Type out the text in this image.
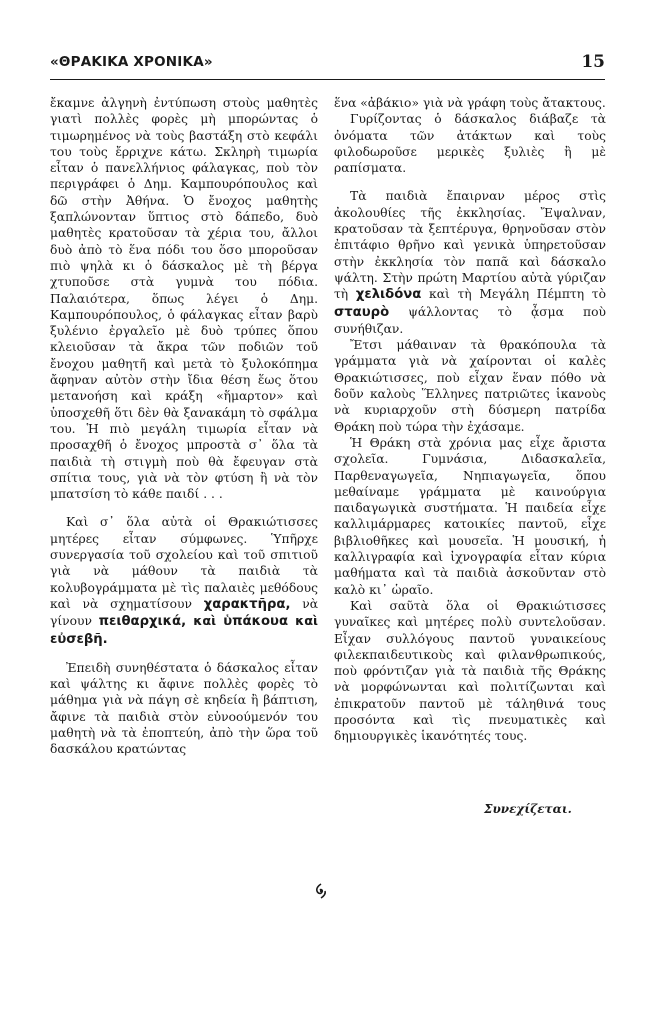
«ΘΡΑΚΙΚΑ ΧΡΟΝΙΚΑ»	15

ἔκαμνε ἀλγηνὴ ἐντύπωση στοὺς μαθητὲς γιατὶ πολλὲς φορὲς μὴ μπορώντας ὁ τιμωρημένος νὰ τοὺς βαστάξη στὸ κεφάλι του τοὺς ἔρριχνε κάτω. Σκληρὴ τιμωρία εἶταν ὁ πανελλήνιος φάλαγκας, ποὺ τὸν περιγράφει ὁ Δημ. Καμπουρόπουλος καὶ δῶ στὴν Ἀθήνα. Ὁ ἔνοχος μαθητὴς ξαπλώνονταν ὕπτιος στὸ δάπεδο, δυὸ μαθητὲς κρατοῦσαν τὰ χέρια του, ἄλλοι δυὸ ἀπὸ τὸ ἕνα πόδι του ὅσο μποροῦσαν πιὸ ψηλὰ κι ὁ δάσκαλος μὲ τὴ βέργα χτυποῦσε στὰ γυμνὰ του πόδια. Παλαιότερα, ὅπως λέγει ὁ Δημ. Καμπουρόπουλος, ὁ φάλαγκας εἶταν βαρὺ ξυλένιο ἐργαλεῖο μὲ δυὸ τρύπες ὅπου κλειοῦσαν τὰ ἄκρα τῶν ποδιῶν τοῦ ἔνοχου μαθητῆ καὶ μετὰ τὸ ξυλοκόπημα ἄφηναν αὐτὸν στὴν ἴδια θέση ἕως ὅτου μετανοήση καὶ κράξη «ἥμαρτον» καὶ ὑποσχεθῆ ὅτι δὲν θὰ ξανακάμη τὸ σφάλμα του. Ἡ πιὸ μεγάλη τιμωρία εἶταν νὰ προσαχθῆ ὁ ἔνοχος μπροστὰ σ᾽ ὅλα τὰ παιδιὰ τὴ στιγμὴ ποὺ θὰ ἔφευγαν στὰ σπίτια τους, γιὰ νὰ τὸν φτύση ἢ νὰ τὸν μπατσίση τὸ κάθε παιδί . . .

Καὶ σ᾽ ὅλα αὐτὰ οἱ Θρακιώτισσες μητέρες εἶταν σύμφωνες. Ὑπῆρχε συνεργασία τοῦ σχολείου καὶ τοῦ σπιτιοῦ γιὰ νὰ μάθουν τὰ παιδιὰ τὰ κολυβογράμματα μὲ τὶς παλαιὲς μεθόδους καὶ νὰ σχηματίσουν χαρακτῆρα, νὰ γίνουν πειθαρχικά, καὶ ὑπάκουα καὶ εὐσεβῆ.

Ἐπειδὴ συνηθέστατα ὁ δάσκαλος εἶταν καὶ ψάλτης κι ἄφινε πολλὲς φορὲς τὸ μάθημα γιὰ νὰ πάγη σὲ κηδεία ἢ βάπτιση, ἄφινε τὰ παιδιὰ στὸν εὐνοούμενόν του μαθητὴ νὰ τὰ ἐποπτεύη, ἀπὸ τὴν ὥρα τοῦ δασκάλου κρατώντας

ἕνα «ἀβάκιο» γιὰ νὰ γράφη τοὺς ἄτακτους.

Γυρίζοντας ὁ δάσκαλος διάβαζε τὰ ὀνόματα τῶν ἀτάκτων καὶ τοὺς φιλοδωροῦσε μερικὲς ξυλιὲς ἢ μὲ ραπίσματα.

Τὰ παιδιὰ ἔπαιρναν μέρος στὶς ἀκολουθίες τῆς ἐκκλησίας. Ἔψαλναν, κρατοῦσαν τὰ ξεπτέρυγα, θρηνοῦσαν στὸν ἐπιτάφιο θρῆνο καὶ γενικὰ ὑπηρετοῦσαν στὴν ἐκκλησία τὸν παπᾶ καὶ δάσκαλο ψάλτη. Στὴν πρώτη Μαρτίου αὐτὰ γύριζαν τὴ χελιδόνα καὶ τὴ Μεγάλη Πέμπτη τὸ σταυρὸ ψάλλοντας τὸ ᾆσμα ποὺ συνήθιζαν.

Ἔτσι μάθαιναν τὰ θρακόπουλα τὰ γράμματα γιὰ νὰ χαίρονται οἱ καλὲς Θρακιώτισσες, ποὺ εἶχαν ἕναν πόθο νὰ δοῦν καλοὺς Ἕλληνες πατριῶτες ἱκανοὺς νὰ κυριαρχοῦν στὴ δύσμερη πατρίδα Θράκη ποὺ τώρα τὴν ἐχάσαμε.

Ἡ Θράκη στὰ χρόνια μας εἶχε ἄριστα σχολεῖα. Γυμνάσια, Διδασκαλεῖα, Παρθεναγωγεῖα, Νηπιαγωγεῖα, ὅπου μεθαίναμε γράμματα μὲ καινούργια παιδαγωγικὰ συστήματα. Ἡ παιδεία εἶχε καλλιμάρμαρες κατοικίες παντοῦ, εἶχε βιβλιοθῆκες καὶ μουσεῖα. Ἡ μουσική, ἡ καλλιγραφία καὶ ἰχνογραφία εἶταν κύρια μαθήματα καὶ τὰ παιδιὰ ἀσκοῦνταν στὸ καλὸ κι᾽ ὡραῖο.

Καὶ σαῦτὰ ὅλα οἱ Θρακιώτισσες γυναῖκες καὶ μητέρες πολὺ συντελοῦσαν. Εἶχαν συλλόγους παντοῦ γυναικείους φιλεκπαιδευτικοὺς καὶ φιλανθρωπικούς, ποὺ φρόντιζαν γιὰ τὰ παιδιὰ τῆς Θράκης νὰ μορφώνωνται καὶ πολιτίζωνται καὶ ἐπικρατοῦν παντοῦ μὲ τάληθινά τους προσόντα καὶ τὶς πνευματικὲς καὶ δημιουργικὲς ἱκανότητές τους.

Συνεχίζεται.
